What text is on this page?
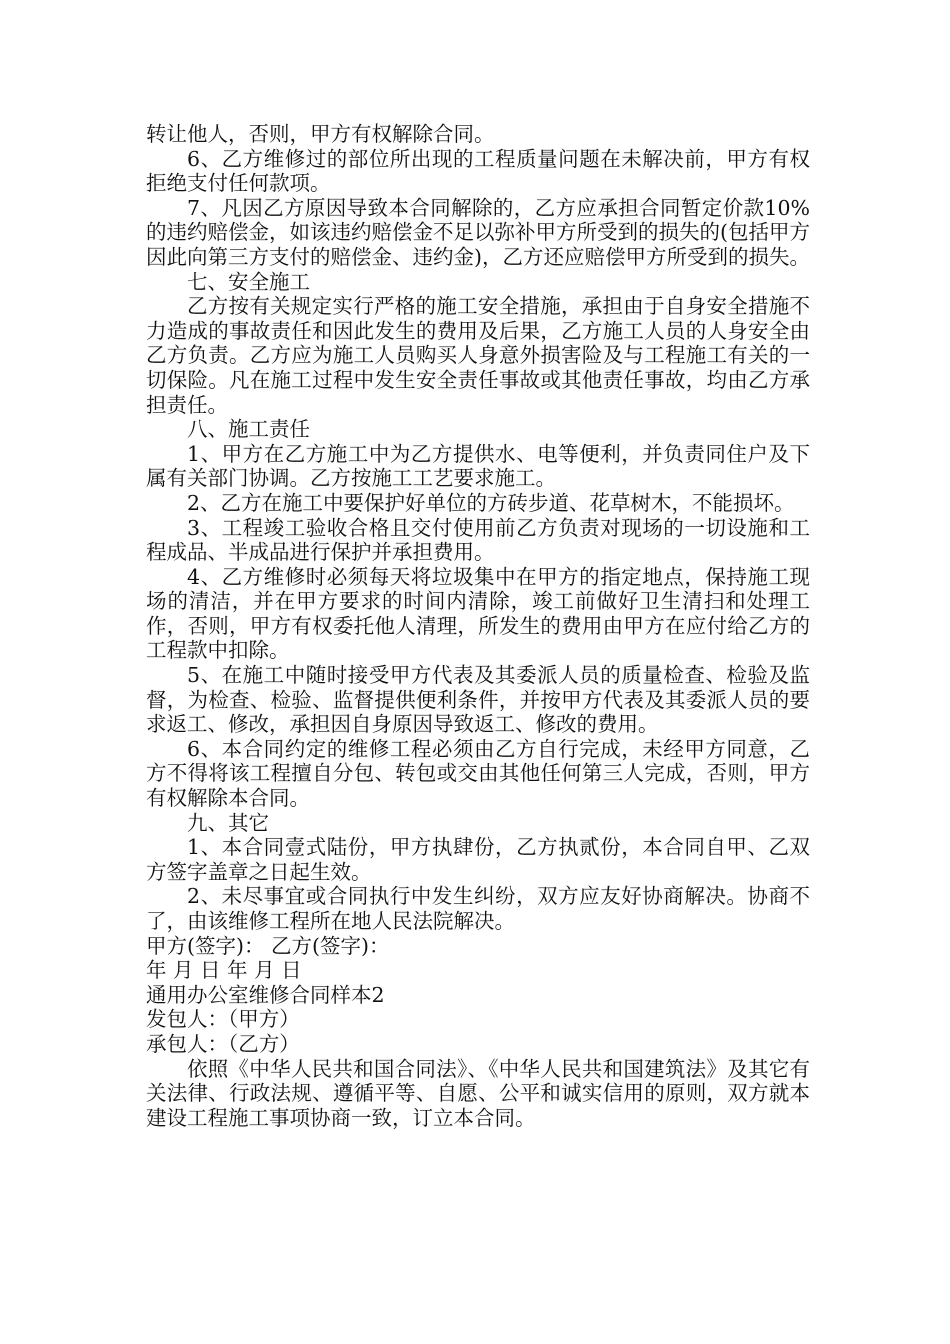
转让他人，否则，甲方有权解除合同。

6、乙方维修过的部位所出现的工程质量问题在未解决前，甲方有权拒绝支付任何款项。

7、凡因乙方原因导致本合同解除的，乙方应承担合同暂定价款10%的违约赔偿金，如该违约赔偿金不足以弥补甲方所受到的损失的(包括甲方因此向第三方支付的赔偿金、违约金)，乙方还应赔偿甲方所受到的损失。

七、安全施工

乙方按有关规定实行严格的施工安全措施，承担由于自身安全措施不力造成的事故责任和因此发生的费用及后果，乙方施工人员的人身安全由乙方负责。乙方应为施工人员购买人身意外损害险及与工程施工有关的一切保险。凡在施工过程中发生安全责任事故或其他责任事故，均由乙方承担责任。

八、施工责任

1、甲方在乙方施工中为乙方提供水、电等便利，并负责同住户及下属有关部门协调。乙方按施工工艺要求施工。

2、乙方在施工中要保护好单位的方砖步道、花草树木，不能损坏。

3、工程竣工验收合格且交付使用前乙方负责对现场的一切设施和工程成品、半成品进行保护并承担费用。

4、乙方维修时必须每天将垃圾集中在甲方的指定地点，保持施工现场的清洁，并在甲方要求的时间内清除，竣工前做好卫生清扫和处理工作，否则，甲方有权委托他人清理，所发生的费用由甲方在应付给乙方的工程款中扣除。

5、在施工中随时接受甲方代表及其委派人员的质量检查、检验及监督，为检查、检验、监督提供便利条件，并按甲方代表及其委派人员的要求返工、修改，承担因自身原因导致返工、修改的费用。

6、本合同约定的维修工程必须由乙方自行完成，未经甲方同意，乙方不得将该工程擅自分包、转包或交由其他任何第三人完成，否则，甲方有权解除本合同。

九、其它

1、本合同壹式陆份，甲方执肆份，乙方执贰份，本合同自甲、乙双方签字盖章之日起生效。

2、未尽事宜或合同执行中发生纠纷，双方应友好协商解决。协商不了，由该维修工程所在地人民法院解决。

甲方(签字)： 乙方(签字)：

年 月 日 年 月 日

通用办公室维修合同样本2

发包人：（甲方）

承包人：（乙方）

依照《中华人民共和国合同法》、《中华人民共和国建筑法》及其它有关法律、行政法规、遵循平等、自愿、公平和诚实信用的原则，双方就本建设工程施工事项协商一致，订立本合同。
